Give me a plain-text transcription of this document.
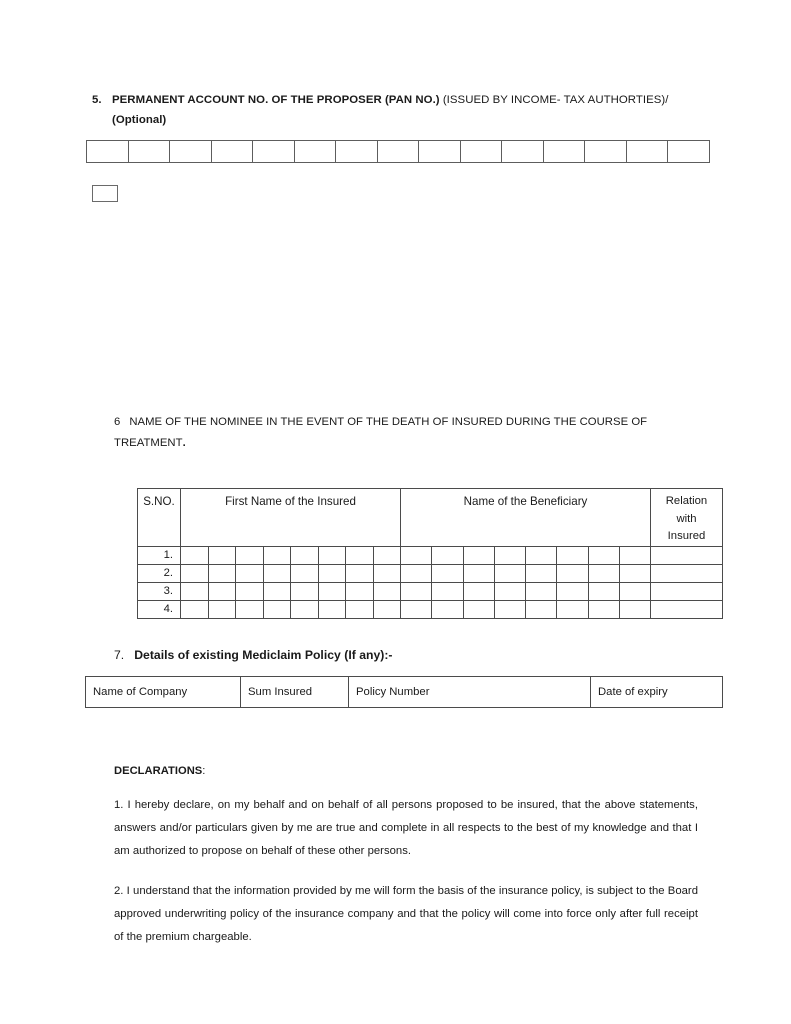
5. PERMANENT ACCOUNT NO. OF THE PROPOSER (PAN NO.) (ISSUED BY INCOME- TAX AUTHORTIES)/
(Optional)
6 NAME OF THE NOMINEE IN THE EVENT OF THE DEATH OF INSURED DURING THE COURSE OF
TREATMENT.
S.NO.	First Name of the Insured	Name of the Beneficiary	Relation
with
Insured
1.	

2.	

3.	

4.	

7. Details of existing Mediclaim Policy (If any):-
Name of Company	Sum Insured	Policy Number	Date of expiry
DECLARATIONS:

1. I hereby declare, on my behalf and on behalf of all persons proposed to be insured, that the above statements, answers and/or particulars given by me are true and complete in all respects to the best of my knowledge and that I am authorized to propose on behalf of these other persons.

2. I understand that the information provided by me will form the basis of the insurance policy, is subject to the Board approved underwriting policy of the insurance company and that the policy will come into force only after full receipt of the premium chargeable.
